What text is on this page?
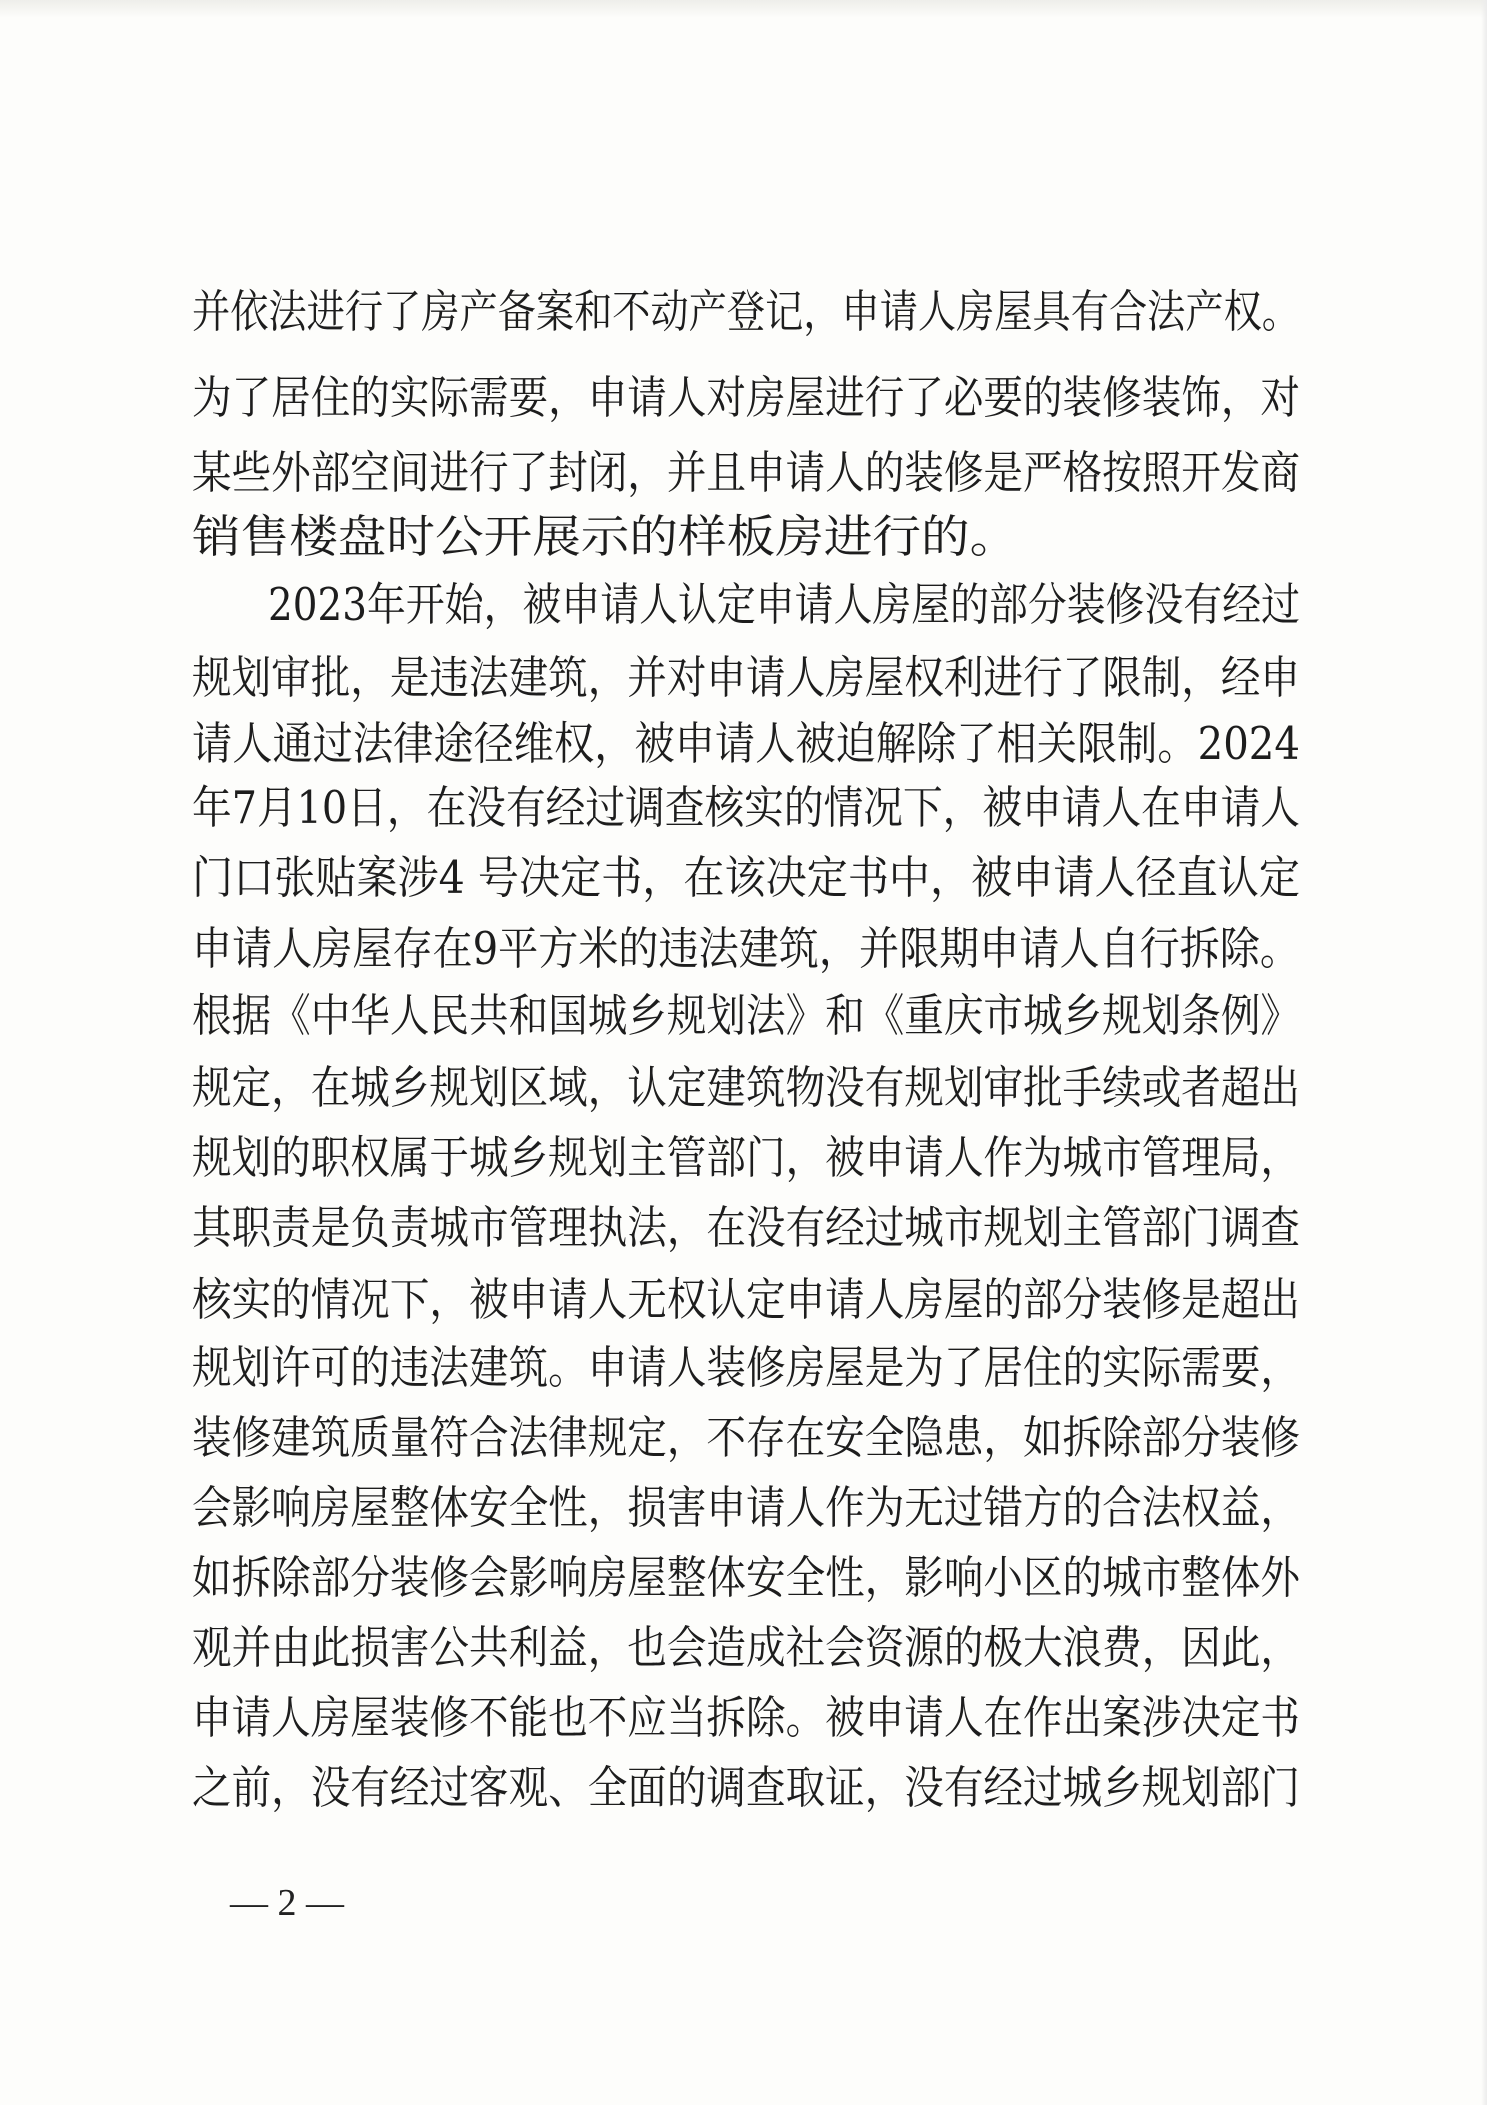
并依法进行了房产备案和不动产登记，申请人房屋具有合法产权。

为了居住的实际需要，申请人对房屋进行了必要的装修装饰，对

某些外部空间进行了封闭，并且申请人的装修是严格按照开发商

销售楼盘时公开展示的样板房进行的。

2023年开始，被申请人认定申请人房屋的部分装修没有经过

规划审批，是违法建筑，并对申请人房屋权利进行了限制，经申

请人通过法律途径维权，被申请人被迫解除了相关限制。2024

年7月10日，在没有经过调查核实的情况下，被申请人在申请人

门口张贴案涉4 号决定书，在该决定书中，被申请人径直认定

申请人房屋存在9平方米的违法建筑，并限期申请人自行拆除。

根据《中华人民共和国城乡规划法》和《重庆市城乡规划条例》

规定，在城乡规划区域，认定建筑物没有规划审批手续或者超出

规划的职权属于城乡规划主管部门，被申请人作为城市管理局，

其职责是负责城市管理执法，在没有经过城市规划主管部门调查

核实的情况下，被申请人无权认定申请人房屋的部分装修是超出

规划许可的违法建筑。申请人装修房屋是为了居住的实际需要，

装修建筑质量符合法律规定，不存在安全隐患，如拆除部分装修

会影响房屋整体安全性，损害申请人作为无过错方的合法权益，

如拆除部分装修会影响房屋整体安全性，影响小区的城市整体外

观并由此损害公共利益，也会造成社会资源的极大浪费，因此，

申请人房屋装修不能也不应当拆除。被申请人在作出案涉决定书

之前，没有经过客观、全面的调查取证，没有经过城乡规划部门

— 2 —
